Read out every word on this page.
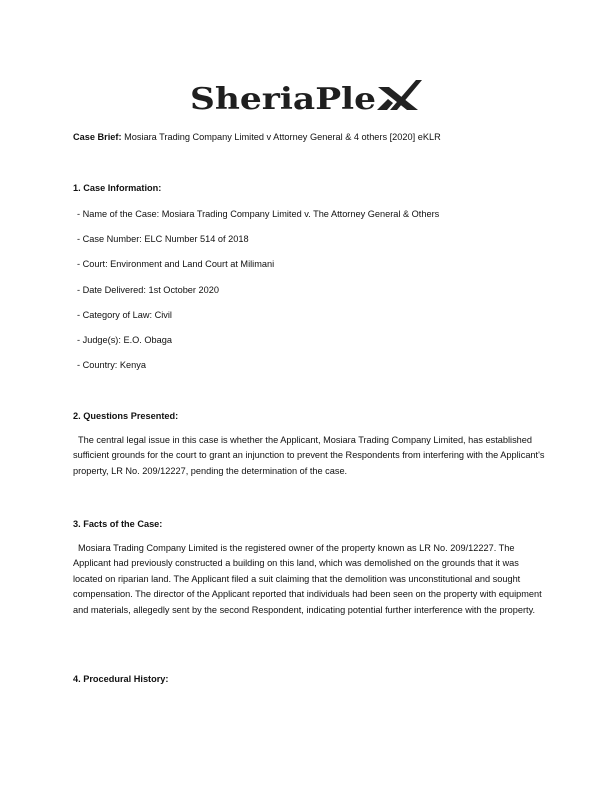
SheriaPle
Case Brief: Mosiara Trading Company Limited v Attorney General & 4 others [2020] eKLR
1. Case Information:
- Name of the Case: Mosiara Trading Company Limited v. The Attorney General & Others
- Case Number: ELC Number 514 of 2018
- Court: Environment and Land Court at Milimani
- Date Delivered: 1st October 2020
- Category of Law: Civil
- Judge(s): E.O. Obaga
- Country: Kenya
2. Questions Presented:
The central legal issue in this case is whether the Applicant, Mosiara Trading Company Limited, has established sufficient grounds for the court to grant an injunction to prevent the Respondents from interfering with the Applicant's property, LR No. 209/12227, pending the determination of the case.
3. Facts of the Case:
Mosiara Trading Company Limited is the registered owner of the property known as LR No. 209/12227. The Applicant had previously constructed a building on this land, which was demolished on the grounds that it was located on riparian land. The Applicant filed a suit claiming that the demolition was unconstitutional and sought compensation. The director of the Applicant reported that individuals had been seen on the property with equipment and materials, allegedly sent by the second Respondent, indicating potential further interference with the property.
4. Procedural History:
